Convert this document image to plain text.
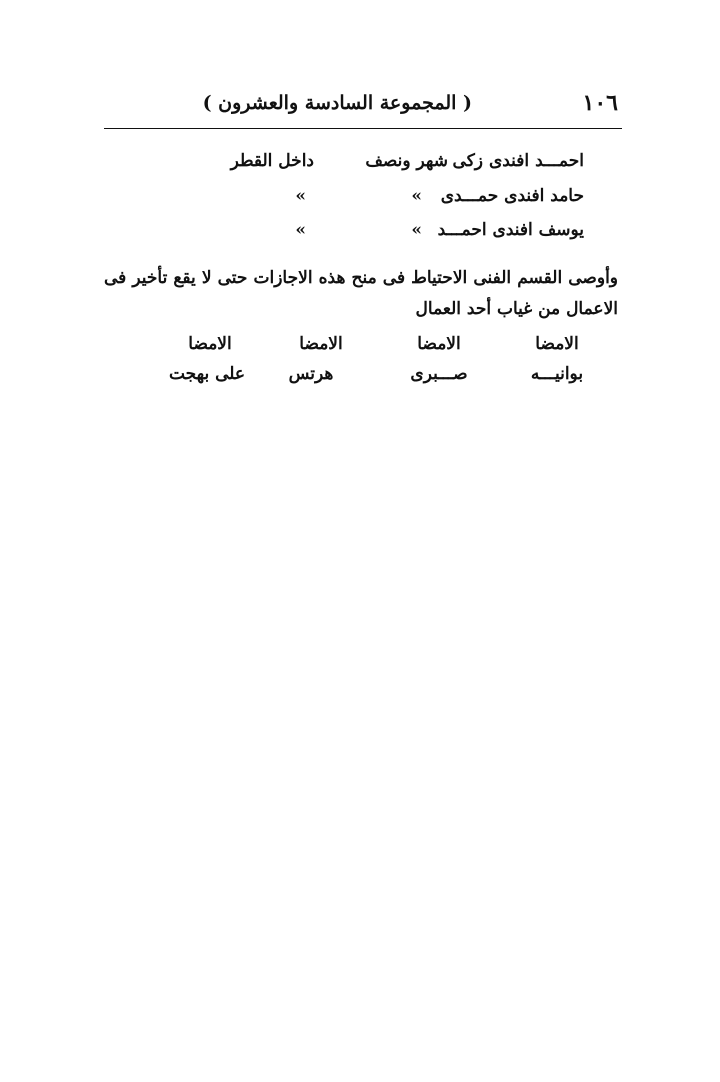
١٠٦
( المجموعة السادسة والعشرون )
احمـــد افندى زكى
شهر ونصف
داخل القطر
حامد افندى حمـــدى
»
»
يوسف افندى احمـــد
»
»

وأوصى القسم الفنى الاحتياط فى منح هذه الاجازات حتى لا يقع تأخير فى الاعمال من غياب أحد العمال

الامضا
بوانيـــه
الامضا
صـــبرى
الامضا
هرتس
الامضا
على بهجت
